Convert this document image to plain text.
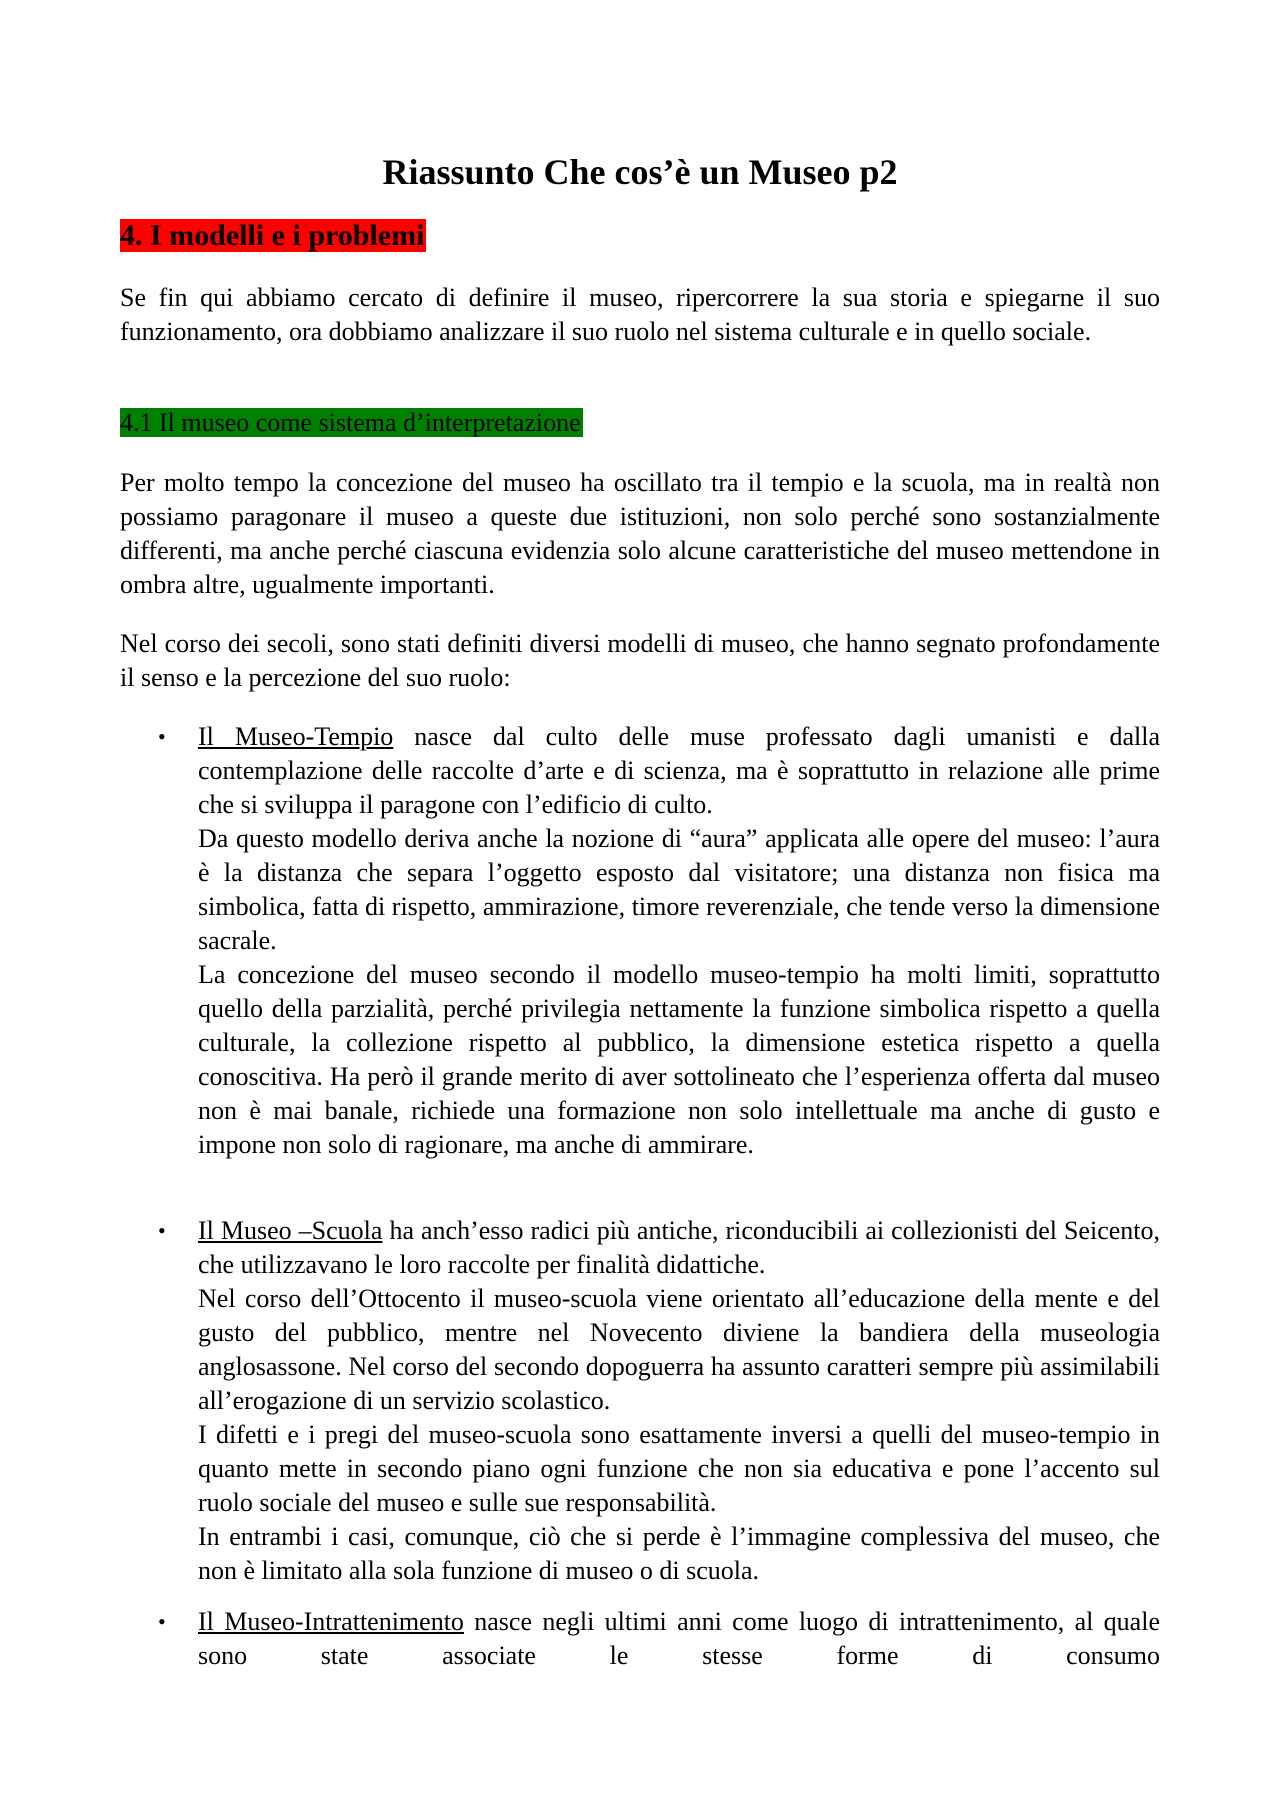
Riassunto Che cos’è un Museo p2
4. I modelli e i problemi

Se fin qui abbiamo cercato di definire il museo, ripercorrere la sua storia e spiegarne il suo funzionamento, ora dobbiamo analizzare il suo ruolo nel sistema culturale e in quello sociale.

4.1 Il museo come sistema d’interpretazione

Per molto tempo la concezione del museo ha oscillato tra il tempio e la scuola, ma in realtà non possiamo paragonare il museo a queste due istituzioni, non solo perché sono sostanzialmente differenti, ma anche perché ciascuna evidenzia solo alcune caratteristiche del museo mettendone in ombra altre, ugualmente importanti.

Nel corso dei secoli, sono stati definiti diversi modelli di museo, che hanno segnato profondamente il senso e la percezione del suo ruolo:

• Il Museo-Tempio nasce dal culto delle muse professato dagli umanisti e dalla contemplazione delle raccolte d’arte e di scienza, ma è soprattutto in relazione alle prime che si sviluppa il paragone con l’edificio di culto.
Da questo modello deriva anche la nozione di “aura” applicata alle opere del museo: l’aura è la distanza che separa l’oggetto esposto dal visitatore; una distanza non fisica ma simbolica, fatta di rispetto, ammirazione, timore reverenziale, che tende verso la dimensione sacrale.
La concezione del museo secondo il modello museo-tempio ha molti limiti, soprattutto quello della parzialità, perché privilegia nettamente la funzione simbolica rispetto a quella culturale, la collezione rispetto al pubblico, la dimensione estetica rispetto a quella conoscitiva. Ha però il grande merito di aver sottolineato che l’esperienza offerta dal museo non è mai banale, richiede una formazione non solo intellettuale ma anche di gusto e impone non solo di ragionare, ma anche di ammirare.
• Il Museo –Scuola ha anch’esso radici più antiche, riconducibili ai collezionisti del Seicento, che utilizzavano le loro raccolte per finalità didattiche.
Nel corso dell’Ottocento il museo-scuola viene orientato all’educazione della mente e del gusto del pubblico, mentre nel Novecento diviene la bandiera della museologia anglosassone. Nel corso del secondo dopoguerra ha assunto caratteri sempre più assimilabili all’erogazione di un servizio scolastico.
I difetti e i pregi del museo-scuola sono esattamente inversi a quelli del museo-tempio in quanto mette in secondo piano ogni funzione che non sia educativa e pone l’accento sul ruolo sociale del museo e sulle sue responsabilità.
In entrambi i casi, comunque, ciò che si perde è l’immagine complessiva del museo, che non è limitato alla sola funzione di museo o di scuola.
• Il Museo-Intrattenimento nasce negli ultimi anni come luogo di intrattenimento, al quale sono state associate le stesse forme di consumo
